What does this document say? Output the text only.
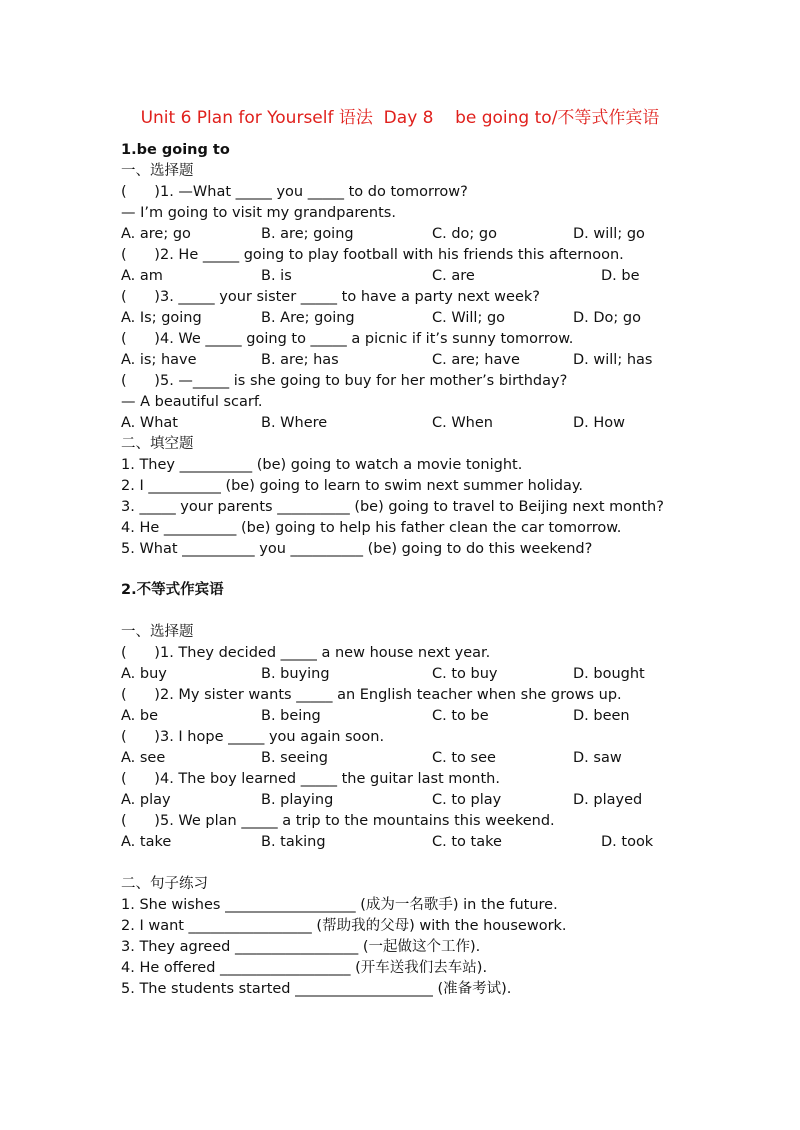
Unit 6 Plan for Yourself 语法  Day 8    be going to/不等式作宾语
1.be going to
一、选择题
(      )1. —What _____ you _____ to do tomorrow?
— I’m going to visit my grandparents.
A. are; go	B. are; going	C. do; go	D. will; go
(      )2. He _____ going to play football with his friends this afternoon.
A. am	B. is	C. are	D. be
(      )3. _____ your sister _____ to have a party next week?
A. Is; going	B. Are; going	C. Will; go	D. Do; go
(      )4. We _____ going to _____ a picnic if it’s sunny tomorrow.
A. is; have	B. are; has	C. are; have	D. will; has
(      )5. —_____ is she going to buy for her mother’s birthday?
— A beautiful scarf.
A. What	B. Where	C. When	D. How
二、填空题
1. They __________ (be) going to watch a movie tonight.
2. I __________ (be) going to learn to swim next summer holiday.
3. _____ your parents __________ (be) going to travel to Beijing next month?
4. He __________ (be) going to help his father clean the car tomorrow.
5. What __________ you __________ (be) going to do this weekend?
2.不等式作宾语
一、选择题
(      )1. They decided _____ a new house next year.
A. buy	B. buying	C. to buy	D. bought
(      )2. My sister wants _____ an English teacher when she grows up.
A. be	B. being	C. to be	D. been
(      )3. I hope _____ you again soon.
A. see	B. seeing	C. to see	D. saw
(      )4. The boy learned _____ the guitar last month.
A. play	B. playing	C. to play	D. played
(      )5. We plan _____ a trip to the mountains this weekend.
A. take	B. taking	C. to take	D. took
二、句子练习
1. She wishes __________________ (成为一名歌手) in the future.
2. I want _________________ (帮助我的父母) with the housework.
3. They agreed _________________ (一起做这个工作).
4. He offered __________________ (开车送我们去车站).
5. The students started ___________________ (准备考试).
